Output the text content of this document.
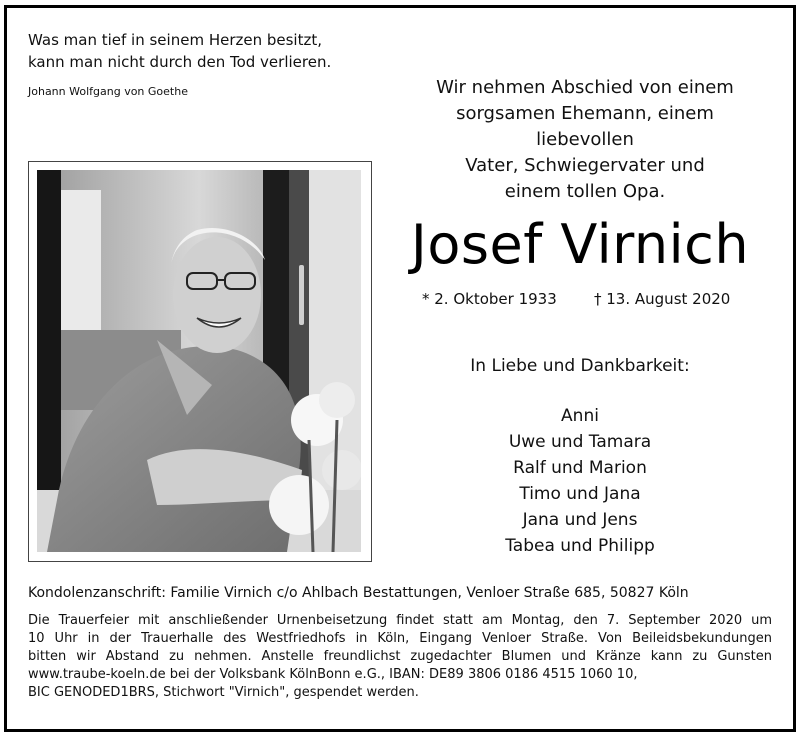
Was man tief in seinem Herzen besitzt,
kann man nicht durch den Tod verlieren.
Johann Wolfgang von Goethe	Wir nehmen Abschied von einem
sorgsamen Ehemann, einem liebevollen
Vater, Schwiegervater und
einem tollen Opa.
Josef Virnich
* 2. Oktober 1933 † 13. August 2020
In Liebe und Dankbarkeit:
Anni
Uwe und Tamara
Ralf und Marion
Timo und Jana
Jana und Jens
Tabea und Philipp
Kondolenzanschrift: Familie Virnich c/o Ahlbach Bestattungen, Venloer Straße 685, 50827 Köln
Die Trauerfeier mit anschließender Urnenbeisetzung findet statt am Montag, den 7. September 2020 um
10 Uhr in der Trauerhalle des Westfriedhofs in Köln, Eingang Venloer Straße. Von Beileidsbekundungen
bitten wir Abstand zu nehmen. Anstelle freundlichst zugedachter Blumen und Kränze kann zu Gunsten
www.traube-koeln.de bei der Volksbank KölnBonn e.G., IBAN: DE89 3806 0186 4515 1060 10,
BIC GENODED1BRS, Stichwort "Virnich", gespendet werden.
